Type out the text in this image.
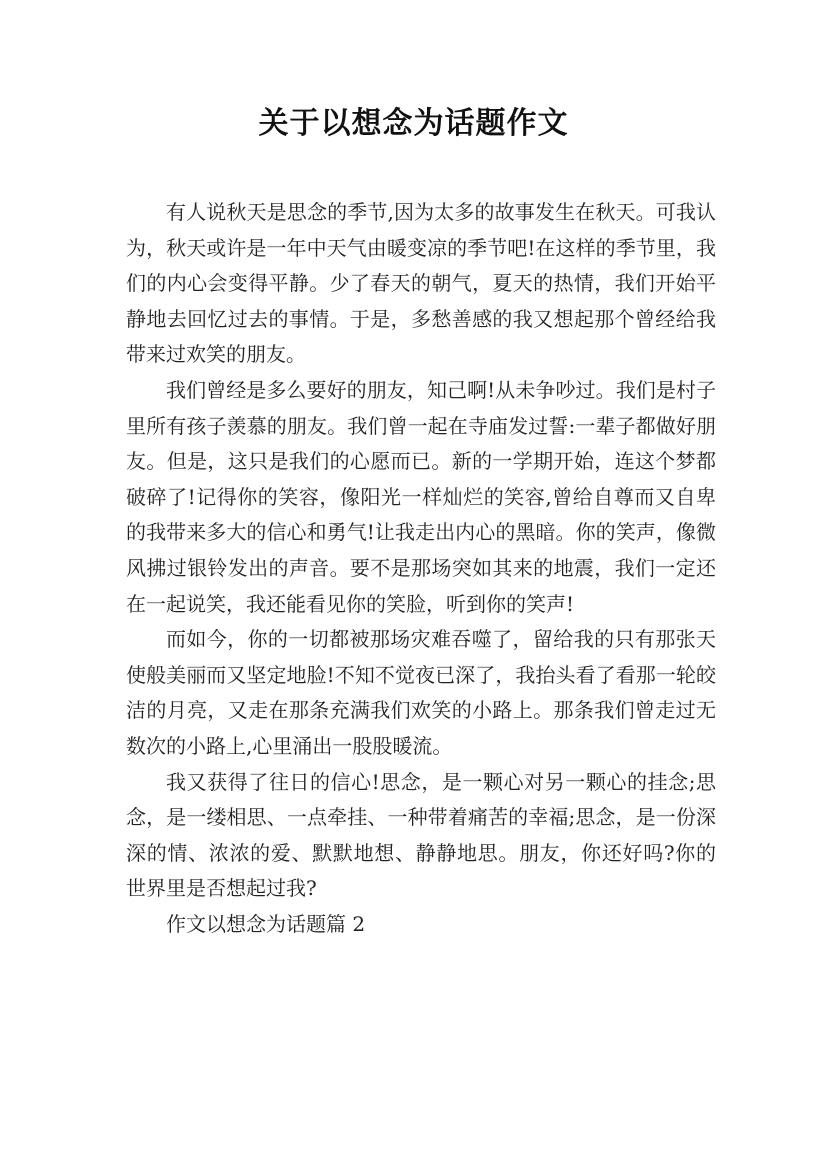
关于以想念为话题作文

有人说秋天是思念的季节,因为太多的故事发生在秋天。可我认为，秋天或许是一年中天气由暖变凉的季节吧!在这样的季节里，我们的内心会变得平静。少了春天的朝气，夏天的热情，我们开始平静地去回忆过去的事情。于是，多愁善感的我又想起那个曾经给我带来过欢笑的朋友。

我们曾经是多么要好的朋友，知己啊!从未争吵过。我们是村子里所有孩子羡慕的朋友。我们曾一起在寺庙发过誓:一辈子都做好朋友。但是，这只是我们的心愿而已。新的一学期开始，连这个梦都破碎了!记得你的笑容，像阳光一样灿烂的笑容,曾给自尊而又自卑的我带来多大的信心和勇气!让我走出内心的黑暗。你的笑声，像微风拂过银铃发出的声音。要不是那场突如其来的地震，我们一定还在一起说笑，我还能看见你的笑脸，听到你的笑声!

而如今，你的一切都被那场灾难吞噬了，留给我的只有那张天使般美丽而又坚定地脸!不知不觉夜已深了，我抬头看了看那一轮皎洁的月亮，又走在那条充满我们欢笑的小路上。那条我们曾走过无数次的小路上,心里涌出一股股暖流。

我又获得了往日的信心!思念，是一颗心对另一颗心的挂念;思念，是一缕相思、一点牵挂、一种带着痛苦的幸福;思念，是一份深深的情、浓浓的爱、默默地想、静静地思。朋友，你还好吗?你的世界里是否想起过我?

作文以想念为话题篇 2
